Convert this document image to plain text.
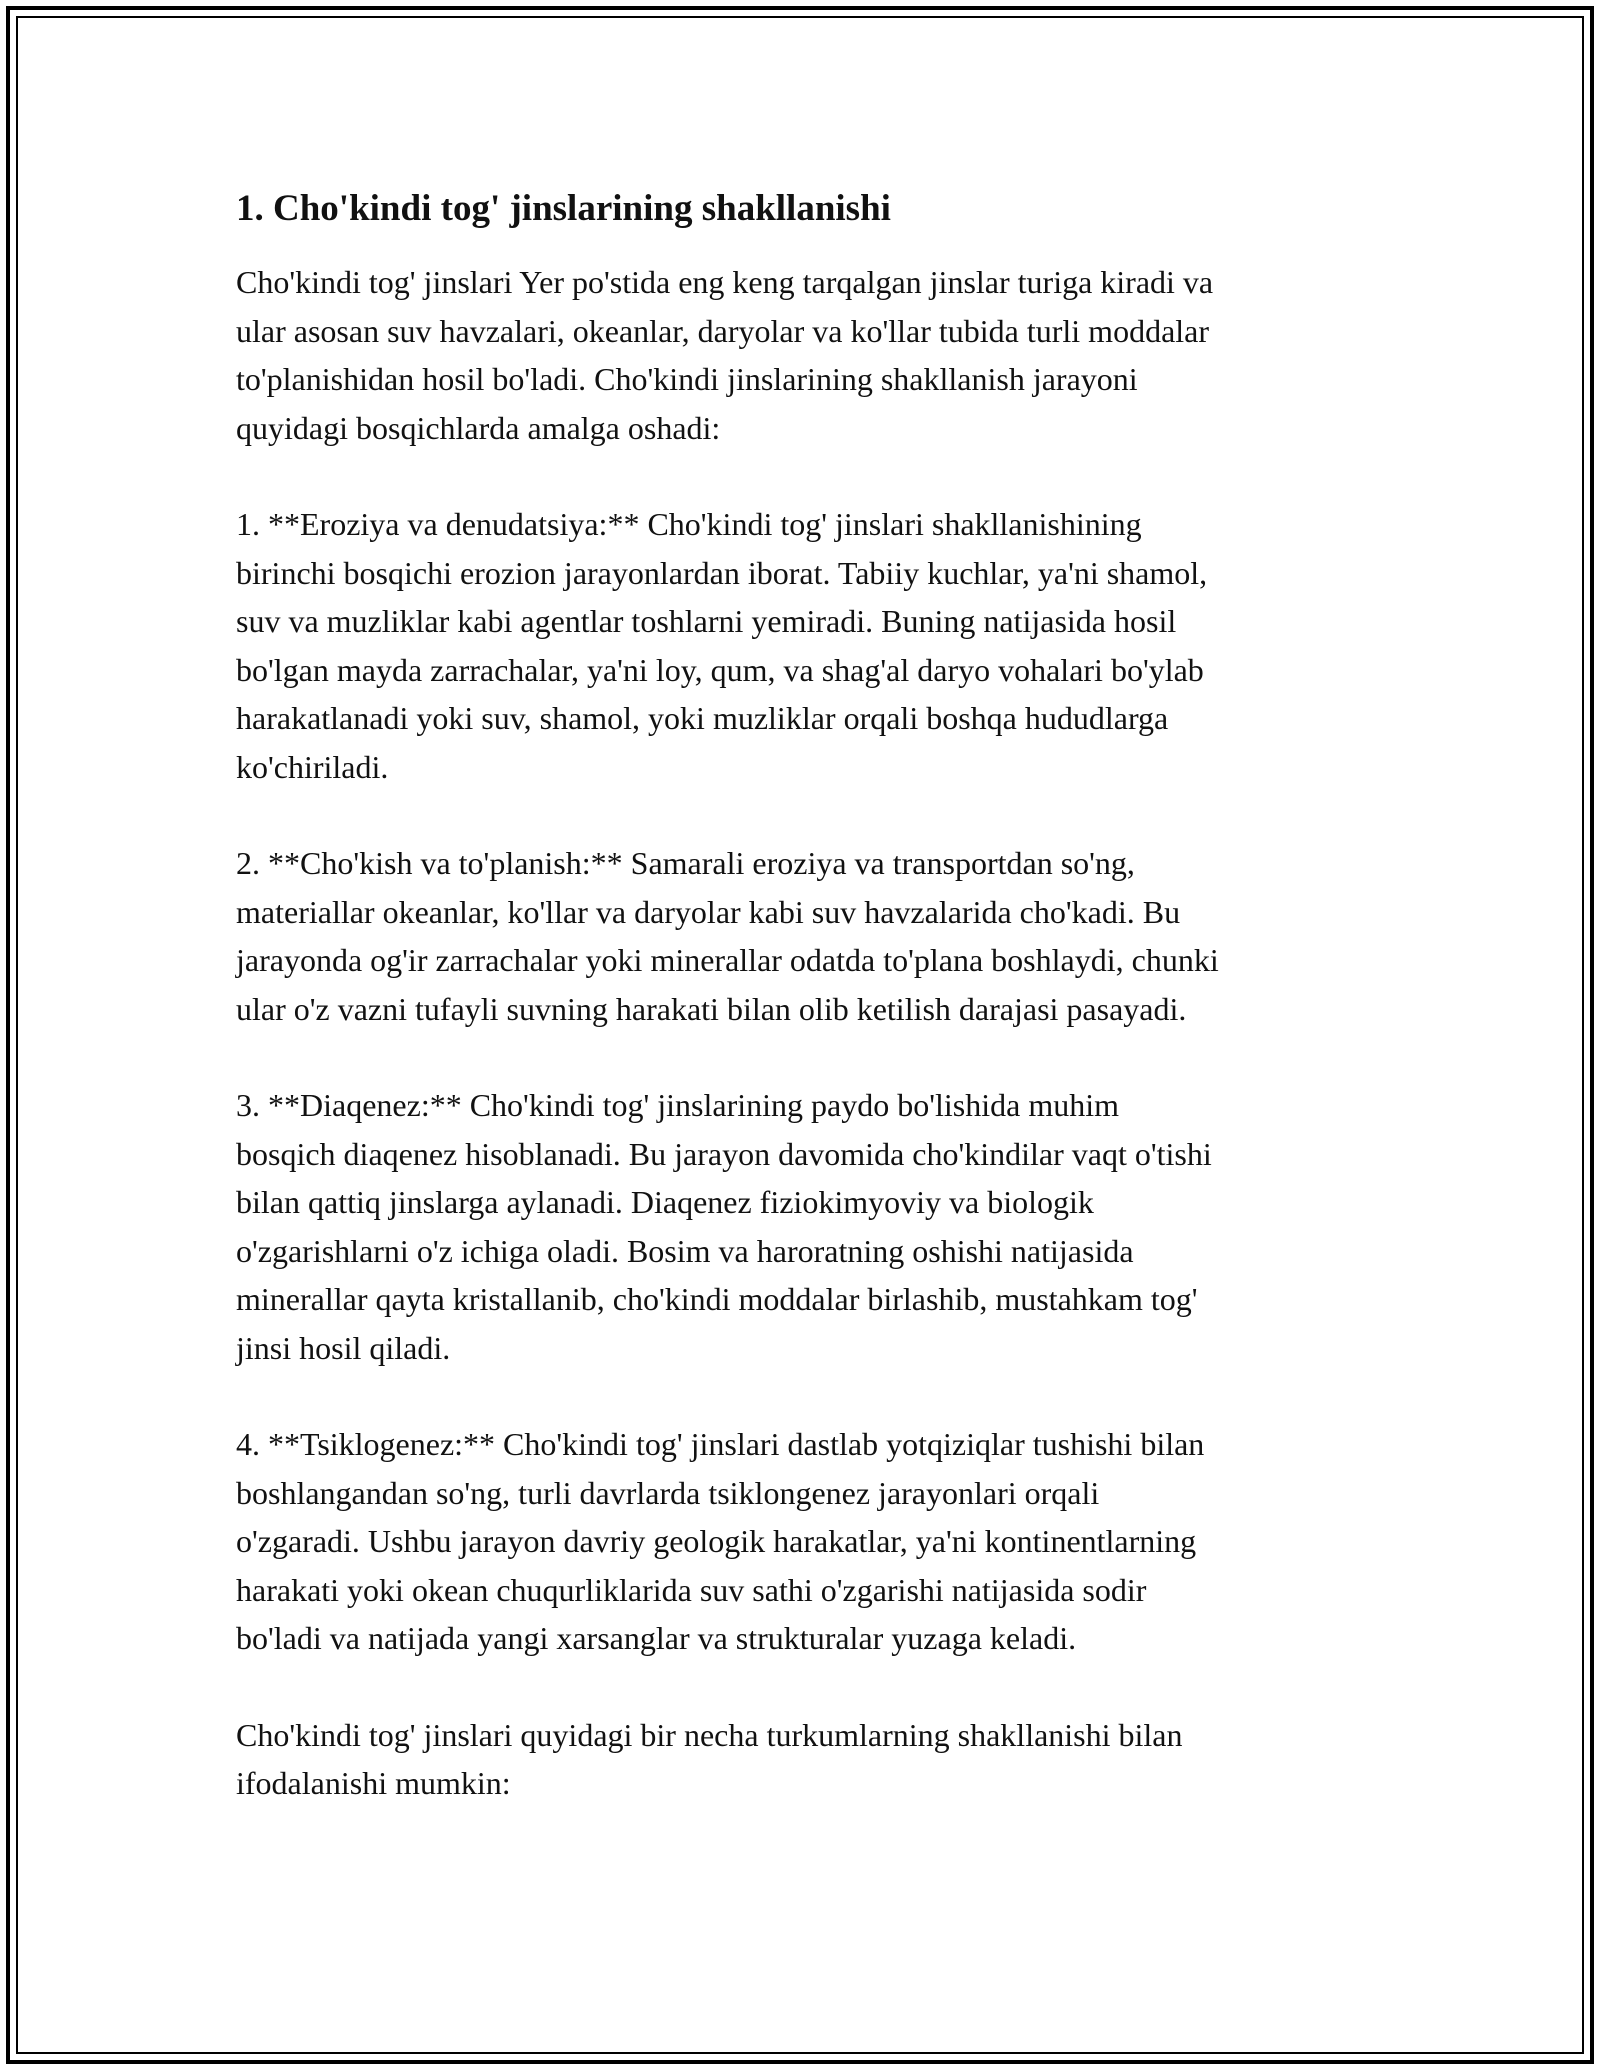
1. Cho'kindi tog' jinslarining shakllanishi

Cho'kindi tog' jinslari Yer po'stida eng keng tarqalgan jinslar turiga kiradi va
ular asosan suv havzalari, okeanlar, daryolar va ko'llar tubida turli moddalar
to'planishidan hosil bo'ladi. Cho'kindi jinslarining shakllanish jarayoni
quyidagi bosqichlarda amalga oshadi:

1. **Eroziya va denudatsiya:** Cho'kindi tog' jinslari shakllanishining
birinchi bosqichi erozion jarayonlardan iborat. Tabiiy kuchlar, ya'ni shamol,
suv va muzliklar kabi agentlar toshlarni yemiradi. Buning natijasida hosil
bo'lgan mayda zarrachalar, ya'ni loy, qum, va shag'al daryo vohalari bo'ylab
harakatlanadi yoki suv, shamol, yoki muzliklar orqali boshqa hududlarga
ko'chiriladi.

2. **Cho'kish va to'planish:** Samarali eroziya va transportdan so'ng,
materiallar okeanlar, ko'llar va daryolar kabi suv havzalarida cho'kadi. Bu
jarayonda og'ir zarrachalar yoki minerallar odatda to'plana boshlaydi, chunki
ular o'z vazni tufayli suvning harakati bilan olib ketilish darajasi pasayadi.

3. **Diaqenez:** Cho'kindi tog' jinslarining paydo bo'lishida muhim
bosqich diaqenez hisoblanadi. Bu jarayon davomida cho'kindilar vaqt o'tishi
bilan qattiq jinslarga aylanadi. Diaqenez fiziokimyoviy va biologik
o'zgarishlarni o'z ichiga oladi. Bosim va haroratning oshishi natijasida
minerallar qayta kristallanib, cho'kindi moddalar birlashib, mustahkam tog'
jinsi hosil qiladi.

4. **Tsiklogenez:** Cho'kindi tog' jinslari dastlab yotqiziqlar tushishi bilan
boshlangandan so'ng, turli davrlarda tsiklongenez jarayonlari orqali
o'zgaradi. Ushbu jarayon davriy geologik harakatlar, ya'ni kontinentlarning
harakati yoki okean chuqurliklarida suv sathi o'zgarishi natijasida sodir
bo'ladi va natijada yangi xarsanglar va strukturalar yuzaga keladi.

Cho'kindi tog' jinslari quyidagi bir necha turkumlarning shakllanishi bilan
ifodalanishi mumkin:
